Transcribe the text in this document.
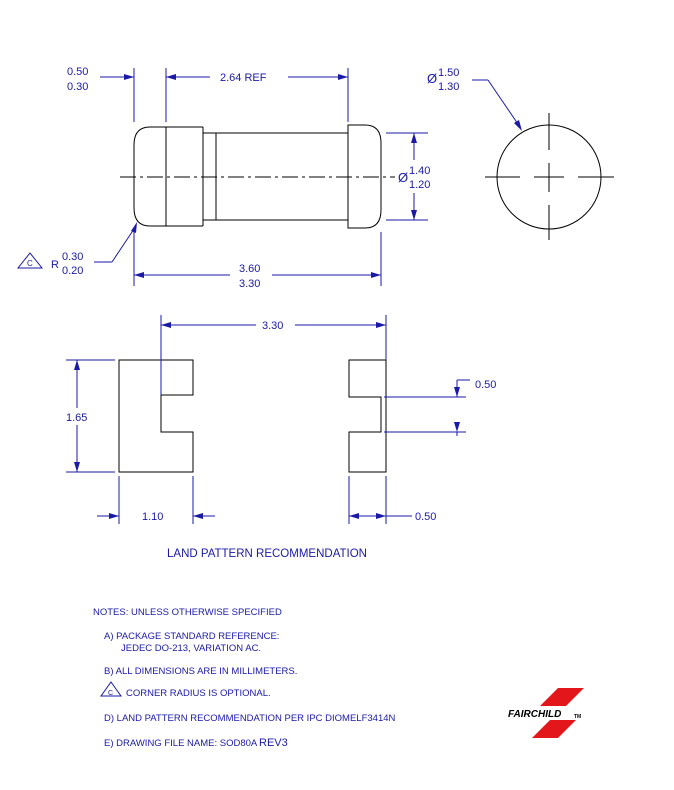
0.50
0.30
2.64 REF
Ø 1.40
1.20
3.60
3.30
C R
0.30
0.20
Ø 1.50
1.30
3.30
1.65
1.10	0.50
0.50
LAND PATTERN RECOMMENDATION
NOTES: UNLESS OTHERWISE SPECIFIED
A) PACKAGE STANDARD REFERENCE:
JEDEC DO-213, VARIATION AC.
B) ALL DIMENSIONS ARE IN MILLIMETERS.
C CORNER RADIUS IS OPTIONAL.
D) LAND PATTERN RECOMMENDATION PER IPC DIOMELF3414N
E) DRAWING FILE NAME: SOD80A REV3
FAIRCHILD	TM
